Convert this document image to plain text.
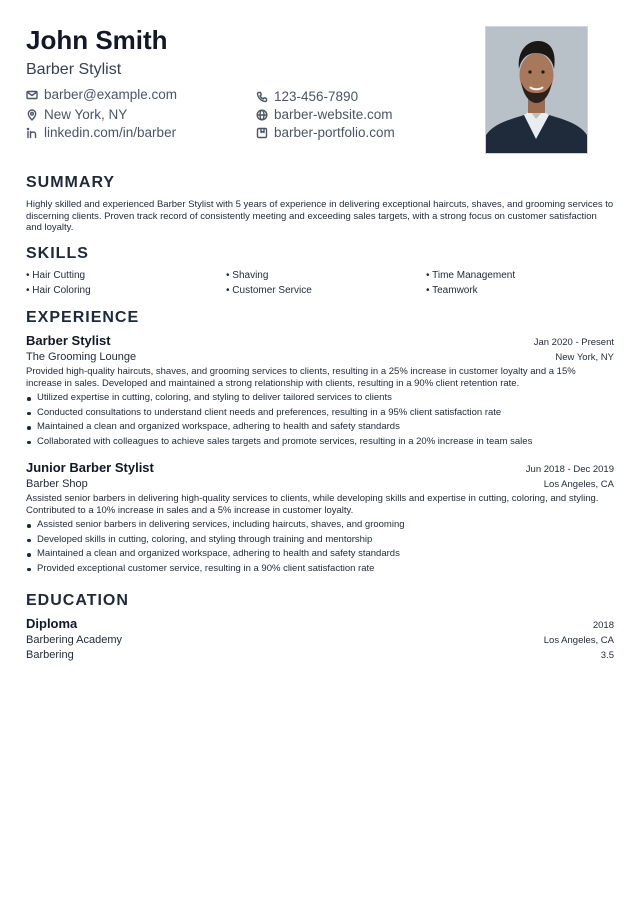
John Smith
Barber Stylist
barber@example.com	123-456-7890
New York, NY	barber-website.com
linkedin.com/in/barber	barber-portfolio.com
SUMMARY
Highly skilled and experienced Barber Stylist with 5 years of experience in delivering exceptional haircuts, shaves, and grooming services to discerning clients. Proven track record of consistently meeting and exceeding sales targets, with a strong focus on customer satisfaction and loyalty.
SKILLS
• Hair Cutting	• Shaving	• Time Management
• Hair Coloring	• Customer Service	• Teamwork
EXPERIENCE
Barber Stylist	Jan 2020 - Present
The Grooming Lounge	New York, NY
Provided high-quality haircuts, shaves, and grooming services to clients, resulting in a 25% increase in customer loyalty and a 15% increase in sales. Developed and maintained a strong relationship with clients, resulting in a 90% client retention rate.
Utilized expertise in cutting, coloring, and styling to deliver tailored services to clients
Conducted consultations to understand client needs and preferences, resulting in a 95% client satisfaction rate
Maintained a clean and organized workspace, adhering to health and safety standards
Collaborated with colleagues to achieve sales targets and promote services, resulting in a 20% increase in team sales
Junior Barber Stylist	Jun 2018 - Dec 2019
Barber Shop	Los Angeles, CA
Assisted senior barbers in delivering high-quality services to clients, while developing skills and expertise in cutting, coloring, and styling. Contributed to a 10% increase in sales and a 5% increase in customer loyalty.
Assisted senior barbers in delivering services, including haircuts, shaves, and grooming
Developed skills in cutting, coloring, and styling through training and mentorship
Maintained a clean and organized workspace, adhering to health and safety standards
Provided exceptional customer service, resulting in a 90% client satisfaction rate
EDUCATION
Diploma	2018
Barbering Academy	Los Angeles, CA
Barbering	3.5
